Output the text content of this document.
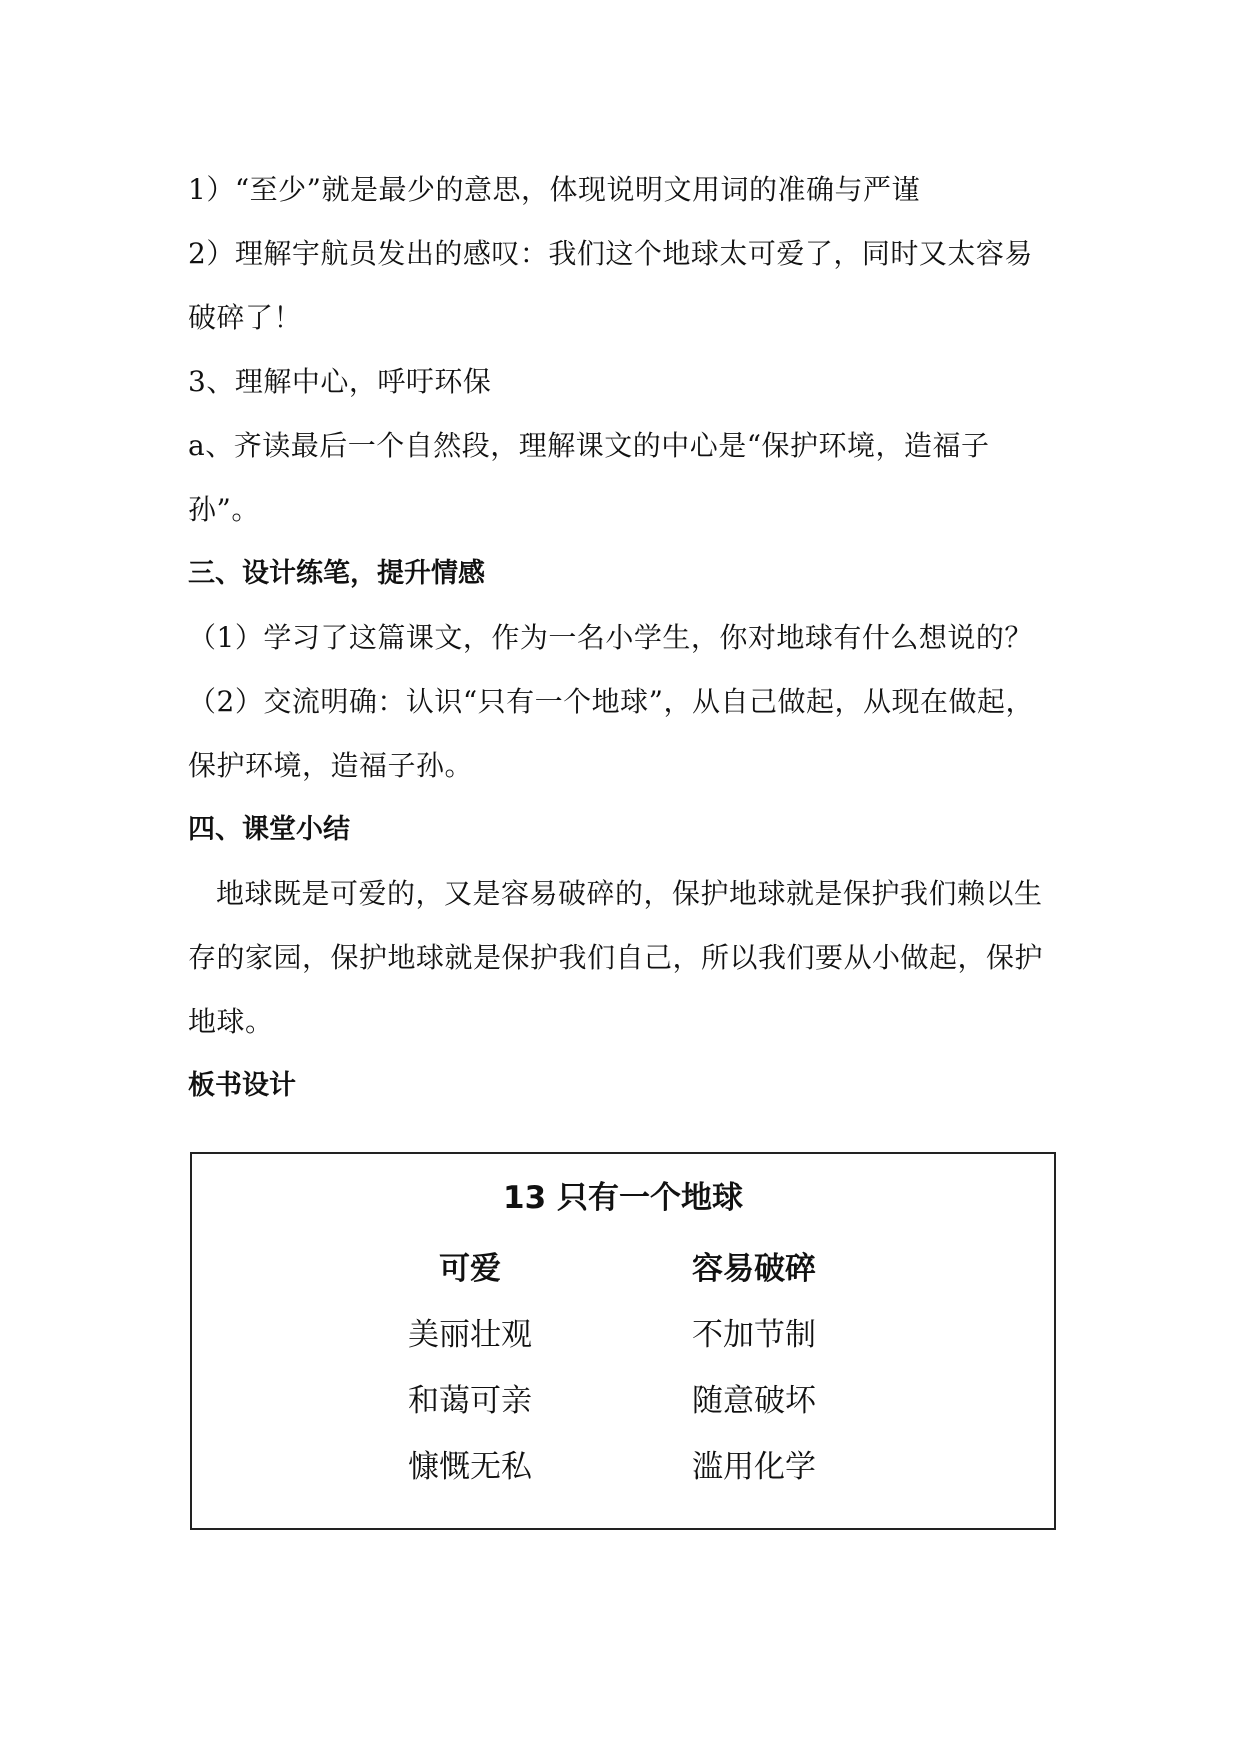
1）“至少”就是最少的意思，体现说明文用词的准确与严谨
2）理解宇航员发出的感叹：我们这个地球太可爱了，同时又太容易
破碎了！
3、理解中心，呼吁环保
a、齐读最后一个自然段，理解课文的中心是“保护环境，造福子
孙”。
三、设计练笔，提升情感
（1）学习了这篇课文，作为一名小学生，你对地球有什么想说的？
（2）交流明确：认识“只有一个地球”，从自己做起，从现在做起，
保护环境，造福子孙。
四、课堂小结
地球既是可爱的，又是容易破碎的，保护地球就是保护我们赖以生
存的家园，保护地球就是保护我们自己，所以我们要从小做起，保护
地球。
板书设计
13 只有一个地球
可爱
美丽壮观
和蔼可亲
慷慨无私
容易破碎
不加节制
随意破坏
滥用化学
